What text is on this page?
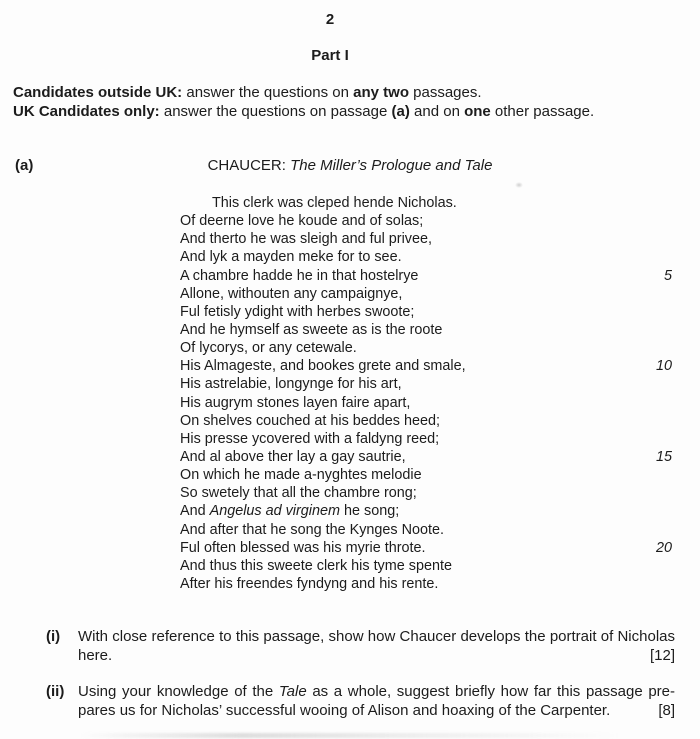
2
Part I
Candidates outside UK: answer the questions on any two passages.
UK Candidates only: answer the questions on passage (a) and on one other passage.
(a)	CHAUCER: The Miller’s Prologue and Tale
This clerk was cleped hende Nicholas.
Of deerne love he koude and of solas;
And therto he was sleigh and ful privee,
And lyk a mayden meke for to see.
A chambre hadde he in that hostelrye	5
Allone, withouten any campaignye,
Ful fetisly ydight with herbes swoote;
And he hymself as sweete as is the roote
Of lycorys, or any cetewale.
His Almageste, and bookes grete and smale,	10
His astrelabie, longynge for his art,
His augrym stones layen faire apart,
On shelves couched at his beddes heed;
His presse ycovered with a faldyng reed;
And al above ther lay a gay sautrie,	15
On which he made a-nyghtes melodie
So swetely that all the chambre rong;
And Angelus ad virginem he song;
And after that he song the Kynges Noote.
Ful often blessed was his myrie throte.	20
And thus this sweete clerk his tyme spente
After his freendes fyndyng and his rente.
(i) With close reference to this passage, show how Chaucer develops the portrait of Nicholas
here.	[12]
(ii) Using your knowledge of the Tale as a whole, suggest briefly how far this passage pre-
pares us for Nicholas’ successful wooing of Alison and hoaxing of the Carpenter.	[8]
